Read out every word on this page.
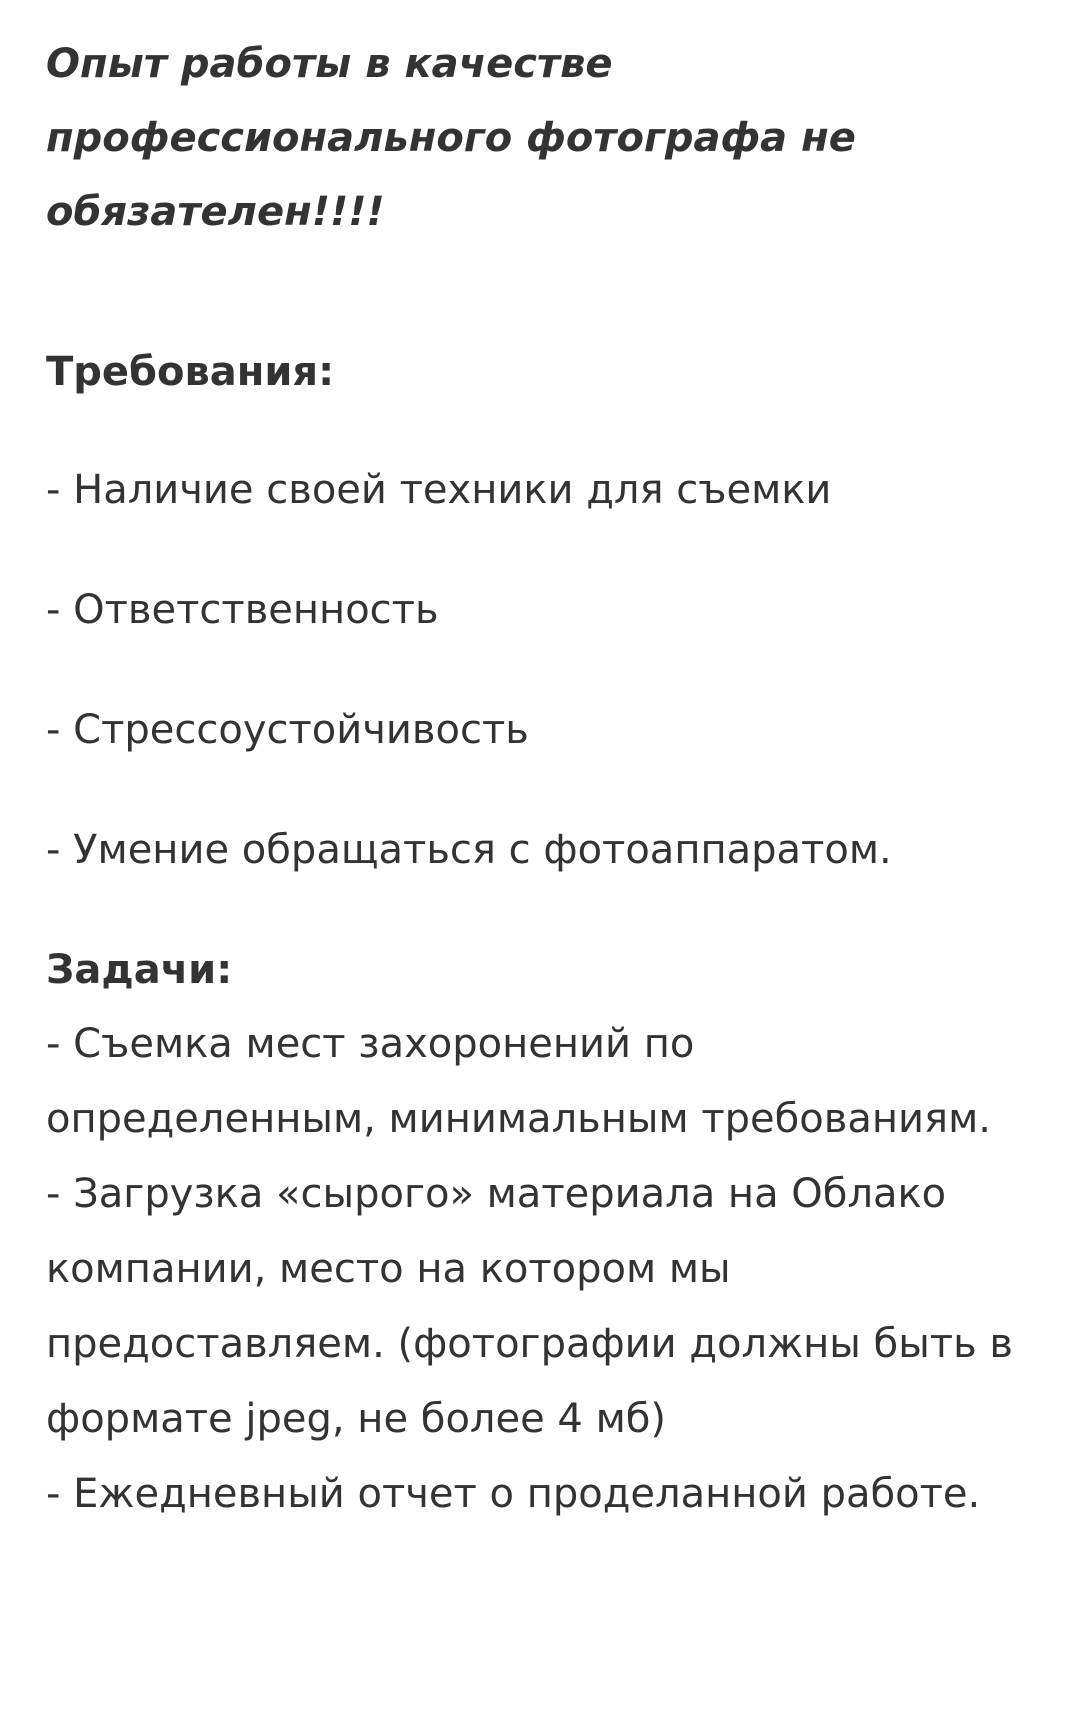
Опыт работы в качестве профессионального фотографа не обязателен!!!!

Требования:
- Наличие своей техники для съемки
- Ответственность
- Стрессоустойчивость
- Умение обращаться с фотоаппаратом.
Задачи:
- Съемка мест захоронений по определенным, минимальным требованиям.
- Загрузка «сырого» материала на Облако компании, место на котором мы предоставляем. (фотографии должны быть в формате jpeg, не более 4 мб)
- Ежедневный отчет о проделанной работе.
